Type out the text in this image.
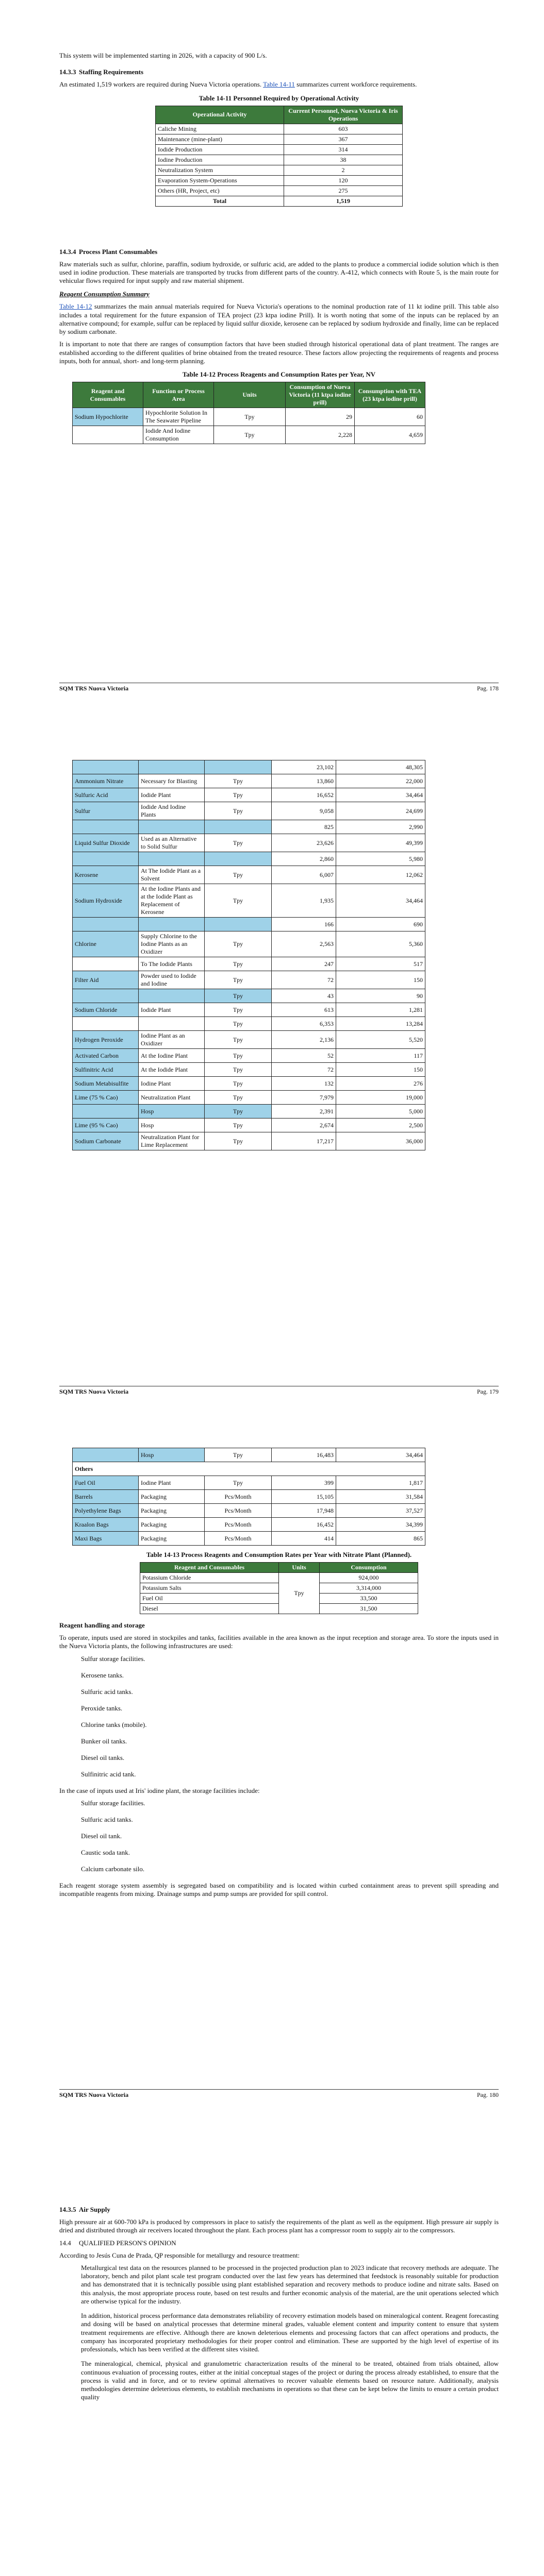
This system will be implemented starting in 2026, with a capacity of 900 L/s.

14.3.3 Staffing Requirements

An estimated 1,519 workers are required during Nueva Victoria operations. Table 14-11 summarizes current workforce requirements.

Table 14-11 Personnel Required by Operational Activity
Operational Activity	Current Personnel, Nueva Victoria & Iris Operations
Caliche Mining	603
Maintenance (mine-plant)	367
Iodide Production	314
Iodine Production	38
Neutralization System	2
Evaporation System-Operations	120
Others (HR, Project, etc)	275
Total	1,519
14.3.4 Process Plant Consumables

Raw materials such as sulfur, chlorine, paraffin, sodium hydroxide, or sulfuric acid, are added to the plants to produce a commercial iodide solution which is then used in iodine production. These materials are transported by trucks from different parts of the country. A-412, which connects with Route 5, is the main route for vehicular flows required for input supply and raw material shipment.

Reagent Consumption Summary

Table 14-12 summarizes the main annual materials required for Nueva Victoria's operations to the nominal production rate of 11 kt iodine prill. This table also includes a total requirement for the future expansion of TEA project (23 ktpa iodine Prill). It is worth noting that some of the inputs can be replaced by an alternative compound; for example, sulfur can be replaced by liquid sulfur dioxide, kerosene can be replaced by sodium hydroxide and finally, lime can be replaced by sodium carbonate.

It is important to note that there are ranges of consumption factors that have been studied through historical operational data of plant treatment. The ranges are established according to the different qualities of brine obtained from the treated resource. These factors allow projecting the requirements of reagents and process inputs, both for annual, short- and long-term planning.

Table 14-12 Process Reagents and Consumption Rates per Year, NV
Reagent and Consumables	Function or Process Area	Units	Consumption of Nueva Victoria (11 ktpa iodine prill)	Consumption with TEA (23 ktpa iodine prill)
Sodium Hypochlorite	Hypochlorite Solution In The Seawater Pipeline	Tpy	29	60
	Iodide And Iodine Consumption	Tpy	2,228	4,659
SQM TRS Nuova Victoria	Pag. 178
			23,102	48,305
Ammonium Nitrate	Necessary for Blasting	Tpy	13,860	22,000
Sulfuric Acid	Iodide Plant	Tpy	16,652	34,464
Sulfur	Iodide And Iodine Plants	Tpy	9,058	24,699
			825	2,990
Liquid Sulfur Dioxide	Used as an Alternative to Solid Sulfur	Tpy	23,626	49,399
			2,860	5,980
Kerosene	At The Iodide Plant as a Solvent	Tpy	6,007	12,062
Sodium Hydroxide	At the Iodine Plants and at the Iodide Plant as Replacement of Kerosene	Tpy	1,935	34,464
			166	690
Chlorine	Supply Chlorine to the Iodine Plants as an Oxidizer	Tpy	2,563	5,360
	To The Iodide Plants	Tpy	247	517
Filter Aid	Powder used to Iodide and Iodine	Tpy	72	150
		Tpy	43	90
Sodium Chloride	Iodide Plant	Tpy	613	1,281
		Tpy	6,353	13,284
Hydrogen Peroxide	Iodine Plant as an Oxidizer	Tpy	2,136	5,520
Activated Carbon	At the Iodine Plant	Tpy	52	117
Sulfinitric Acid	At the Iodide Plant	Tpy	72	150
Sodium Metabisulfite	Iodine Plant	Tpy	132	276
Lime (75 % Cao)	Neutralization Plant	Tpy	7,979	19,000
	Hosp	Tpy	2,391	5,000
Lime (95 % Cao)	Hosp	Tpy	2,674	2,500
Sodium Carbonate	Neutralization Plant for Lime Replacement	Tpy	17,217	36,000
SQM TRS Nuova Victoria	Pag. 179
	Hosp	Tpy	16,483	34,464
Others				
Fuel Oil	Iodine Plant	Tpy	399	1,817
Barrels	Packaging	Pcs/Month	15,105	31,584
Polyethylene Bags	Packaging	Pcs/Month	17,948	37,527
Kraalon Bags	Packaging	Pcs/Month	16,452	34,399
Maxi Bags	Packaging	Pcs/Month	414	865
Table 14-13 Process Reagents and Consumption Rates per Year with Nitrate Plant (Planned).
Reagent and Consumables	Units	Consumption
Potassium Chloride	Tpy	924,000
Potassium Salts		3,314,000
Fuel Oil		33,500
Diesel		31,500
Reagent handling and storage

To operate, inputs used are stored in stockpiles and tanks, facilities available in the area known as the input reception and storage area. To store the inputs used in the Nueva Victoria plants, the following infrastructures are used:

Sulfur storage facilities.
Kerosene tanks.
Sulfuric acid tanks.
Peroxide tanks.
Chlorine tanks (mobile).
Bunker oil tanks.
Diesel oil tanks.
Sulfinitric acid tank.

In the case of inputs used at Iris' iodine plant, the storage facilities include:

Sulfur storage facilities.
Sulfuric acid tanks.
Diesel oil tank.
Caustic soda tank.
Calcium carbonate silo.

Each reagent storage system assembly is segregated based on compatibility and is located within curbed containment areas to prevent spill spreading and incompatible reagents from mixing. Drainage sumps and pump sumps are provided for spill control.

SQM TRS Nuova Victoria	Pag. 180
14.3.5 Air Supply

High pressure air at 600-700 kPa is produced by compressors in place to satisfy the requirements of the plant as well as the equipment. High pressure air supply is dried and distributed through air receivers located throughout the plant. Each process plant has a compressor room to supply air to the compressors.

14.4 QUALIFIED PERSON'S OPINION

According to Jesús Cuna de Prada, QP responsible for metallurgy and resource treatment:

Metallurgical test data on the resources planned to be processed in the projected production plan to 2023 indicate that recovery methods are adequate. The laboratory, bench and pilot plant scale test program conducted over the last few years has determined that feedstock is reasonably suitable for production and has demonstrated that it is technically possible using plant established separation and recovery methods to produce iodine and nitrate salts. Based on this analysis, the most appropriate process route, based on test results and further economic analysis of the material, are the unit operations selected which are otherwise typical for the industry.

In addition, historical process performance data demonstrates reliability of recovery estimation models based on mineralogical content. Reagent forecasting and dosing will be based on analytical processes that determine mineral grades, valuable element content and impurity content to ensure that system treatment requirements are effective. Although there are known deleterious elements and processing factors that can affect operations and products, the company has incorporated proprietary methodologies for their proper control and elimination. These are supported by the high level of expertise of its professionals, which has been verified at the different sites visited.

The mineralogical, chemical, physical and granulometric characterization results of the mineral to be treated, obtained from trials obtained, allow continuous evaluation of processing routes, either at the initial conceptual stages of the project or during the process already established, to ensure that the process is valid and in force, and or to review optimal alternatives to recover valuable elements based on resource nature. Additionally, analysis methodologies determine deleterious elements, to establish mechanisms in operations so that these can be kept below the limits to ensure a certain product quality
